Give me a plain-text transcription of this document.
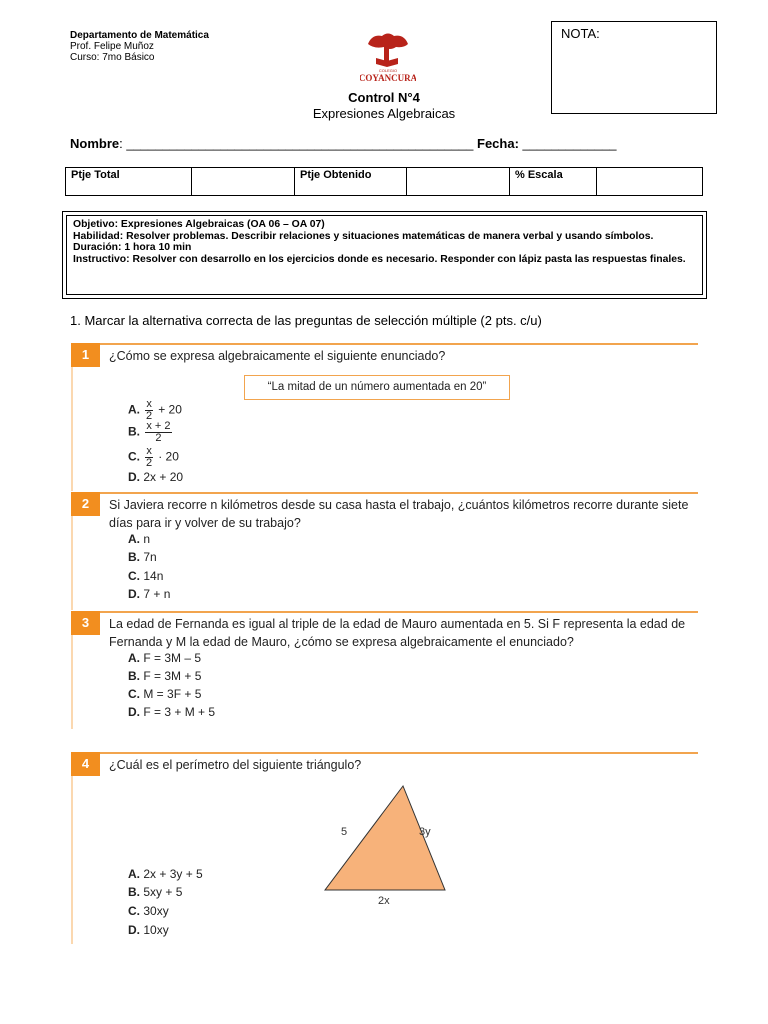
Departamento de Matemática
Prof. Felipe Muñoz
Curso: 7mo Básico
COLEGIO
COYANCURA
NOTA:
Control N°4
Expresiones Algebraicas
Nombre: ________________________________________________ Fecha: _____________
Ptje Total		Ptje Obtenido		% Escala	
Objetivo: Expresiones Algebraicas (OA 06 – OA 07)
Habilidad: Resolver problemas. Describir relaciones y situaciones matemáticas de manera verbal y usando símbolos.
Duración: 1 hora 10 min
Instructivo: Resolver con desarrollo en los ejercicios donde es necesario. Responder con lápiz pasta las respuestas finales.
1. Marcar la alternativa correcta de las preguntas de selección múltiple (2 pts. c/u)
1	¿Cómo se expresa algebraicamente el siguiente enunciado?
“La mitad de un número aumentada en 20”
A. $\frac{x}{2} + 20$
B. $\frac{x + 2}{2}$
C. $\frac{x}{2} \cdot 20$
D. 2x + 20
2	Si Javiera recorre n kilómetros desde su casa hasta el trabajo, ¿cuántos kilómetros recorre durante siete días para ir y volver de su trabajo?
A. n
B. 7n
C. 14n
D. 7 + n
3	La edad de Fernanda es igual al triple de la edad de Mauro aumentada en 5. Si F representa la edad de Fernanda y M la edad de Mauro, ¿cómo se expresa algebraicamente el enunciado?
A. F = 3M – 5
B. F = 3M + 5
C. M = 3F + 5
D. F = 3 + M + 5
4	¿Cuál es el perímetro del siguiente triángulo?
5	3y
2x
A. 2x + 3y + 5
B. 5xy + 5
C. 30xy
D. 10xy
